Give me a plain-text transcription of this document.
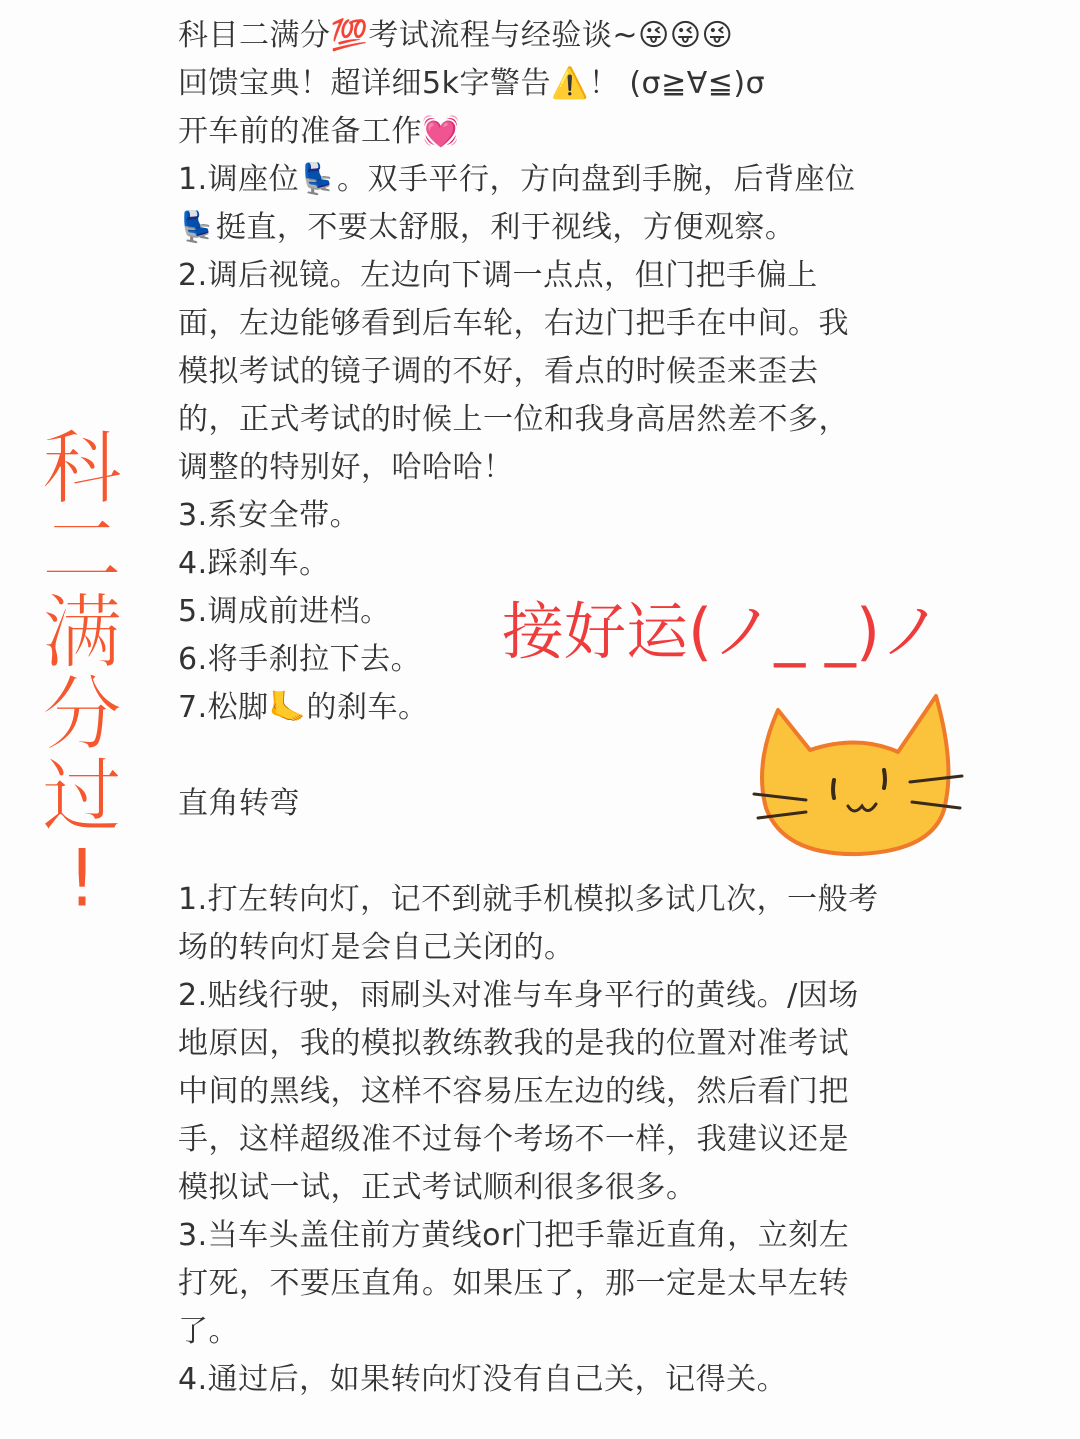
科目二满分💯考试流程与经验谈~😜😜😜
回馈宝典！超详细5k字警告⚠️！ (σ≧∀≦)σ
开车前的准备工作💓
1.调座位💺。双手平行，方向盘到手腕，后背座位
💺挺直，不要太舒服，利于视线，方便观察。
2.调后视镜。左边向下调一点点，但门把手偏上
面，左边能够看到后车轮，右边门把手在中间。我
模拟考试的镜子调的不好，看点的时候歪来歪去
的，正式考试的时候上一位和我身高居然差不多，
调整的特别好，哈哈哈！
3.系安全带。
4.踩刹车。
5.调成前进档。
6.将手刹拉下去。
7.松脚🦶的刹车。
直角转弯
1.打左转向灯，记不到就手机模拟多试几次，一般考
场的转向灯是会自己关闭的。
2.贴线行驶，雨刷头对准与车身平行的黄线。/因场
地原因，我的模拟教练教我的是我的位置对准考试
中间的黑线，这样不容易压左边的线，然后看门把
手，这样超级准不过每个考场不一样，我建议还是
模拟试一试，正式考试顺利很多很多。
3.当车头盖住前方黄线or门把手靠近直角，立刻左
打死，不要压直角。如果压了，那一定是太早左转
了。
4.通过后，如果转向灯没有自己关，记得关。
科
二
满
分
过
!
接好运(ノ_ _)ノ
